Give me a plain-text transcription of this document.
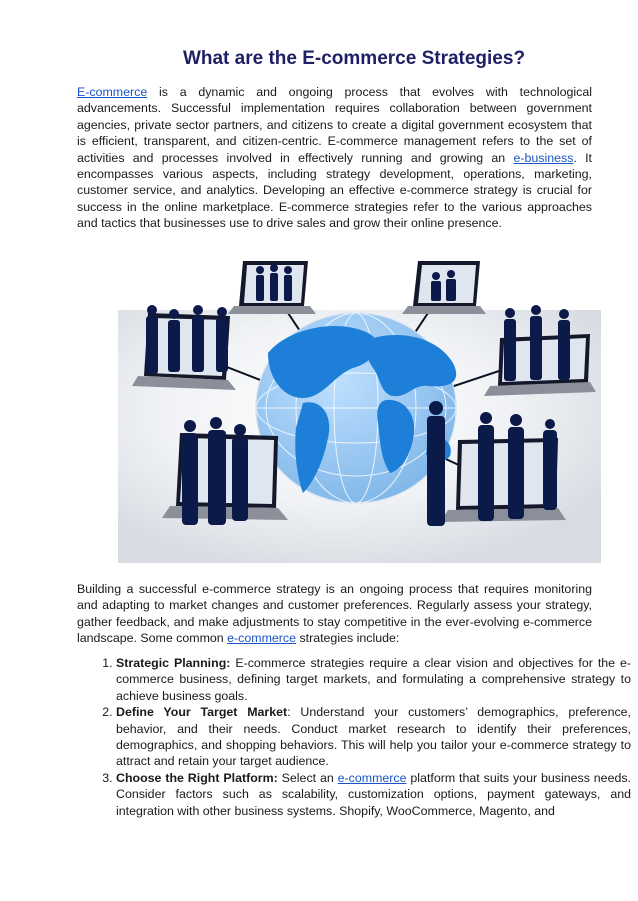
What are the E-commerce Strategies?

E-commerce is a dynamic and ongoing process that evolves with technological advancements. Successful implementation requires collaboration between government agencies, private sector partners, and citizens to create a digital government ecosystem that is efficient, transparent, and citizen-centric. E-commerce management refers to the set of activities and processes involved in effectively running and growing an e-business. It encompasses various aspects, including strategy development, operations, marketing, customer service, and analytics. Developing an effective e-commerce strategy is crucial for success in the online marketplace. E-commerce strategies refer to the various approaches and tactics that businesses use to drive sales and grow their online presence.

Building a successful e-commerce strategy is an ongoing process that requires monitoring and adapting to market changes and customer preferences. Regularly assess your strategy, gather feedback, and make adjustments to stay competitive in the ever-evolving e-commerce landscape. Some common e-commerce strategies include:

1. Strategic Planning: E-commerce strategies require a clear vision and objectives for the e-commerce business, defining target markets, and formulating a comprehensive strategy to achieve business goals.
2. Define Your Target Market: Understand your customers’ demographics, preference, behavior, and their needs. Conduct market research to identify their preferences, demographics, and shopping behaviors. This will help you tailor your e-commerce strategy to attract and retain your target audience.
3. Choose the Right Platform: Select an e-commerce platform that suits your business needs. Consider factors such as scalability, customization options, payment gateways, and integration with other business systems. Shopify, WooCommerce, Magento, and
